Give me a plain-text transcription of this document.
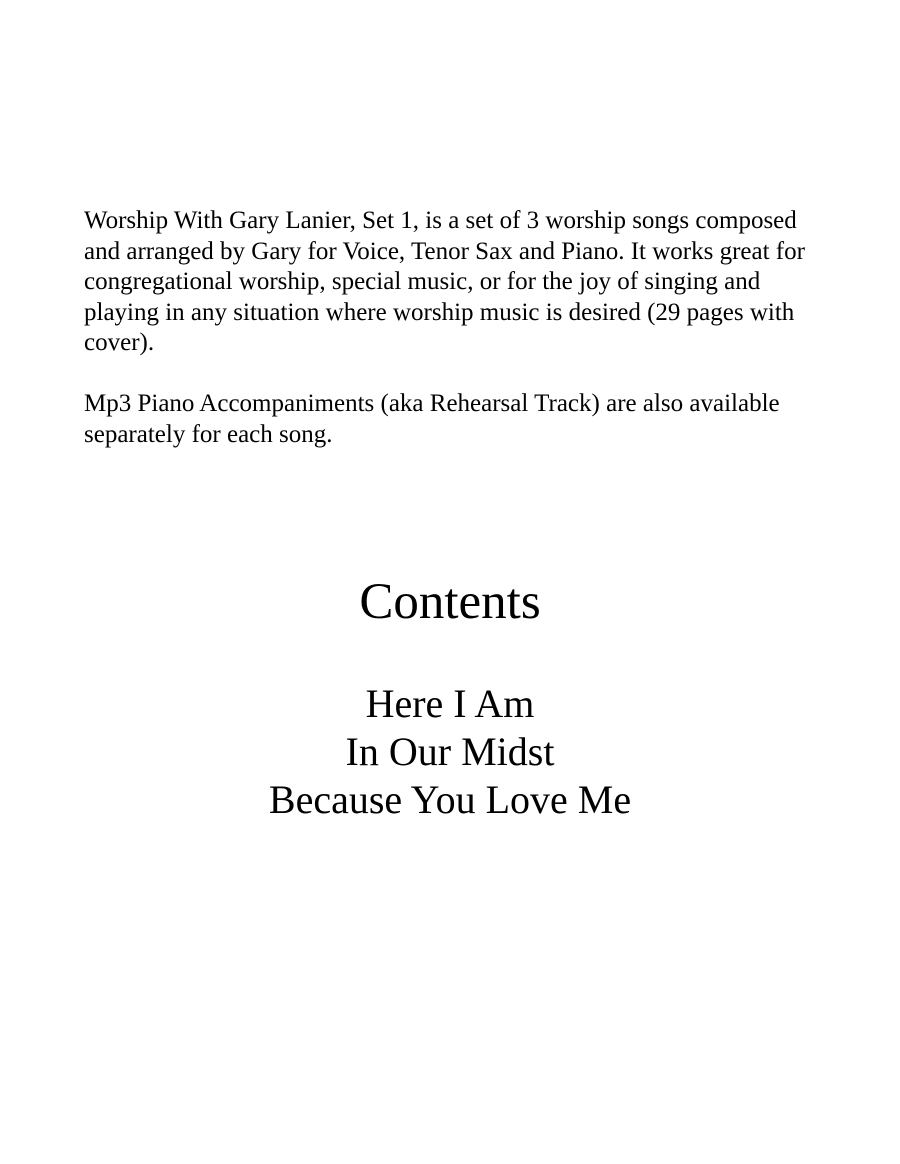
Worship With Gary Lanier, Set 1, is a set of 3 worship songs composed and arranged by Gary for Voice, Tenor Sax and Piano. It works great for congregational worship, special music, or for the joy of singing and playing in any situation where worship music is desired (29 pages with cover).

Mp3 Piano Accompaniments (aka Rehearsal Track) are also available separately for each song.

Contents
Here I Am
In Our Midst
Because You Love Me
